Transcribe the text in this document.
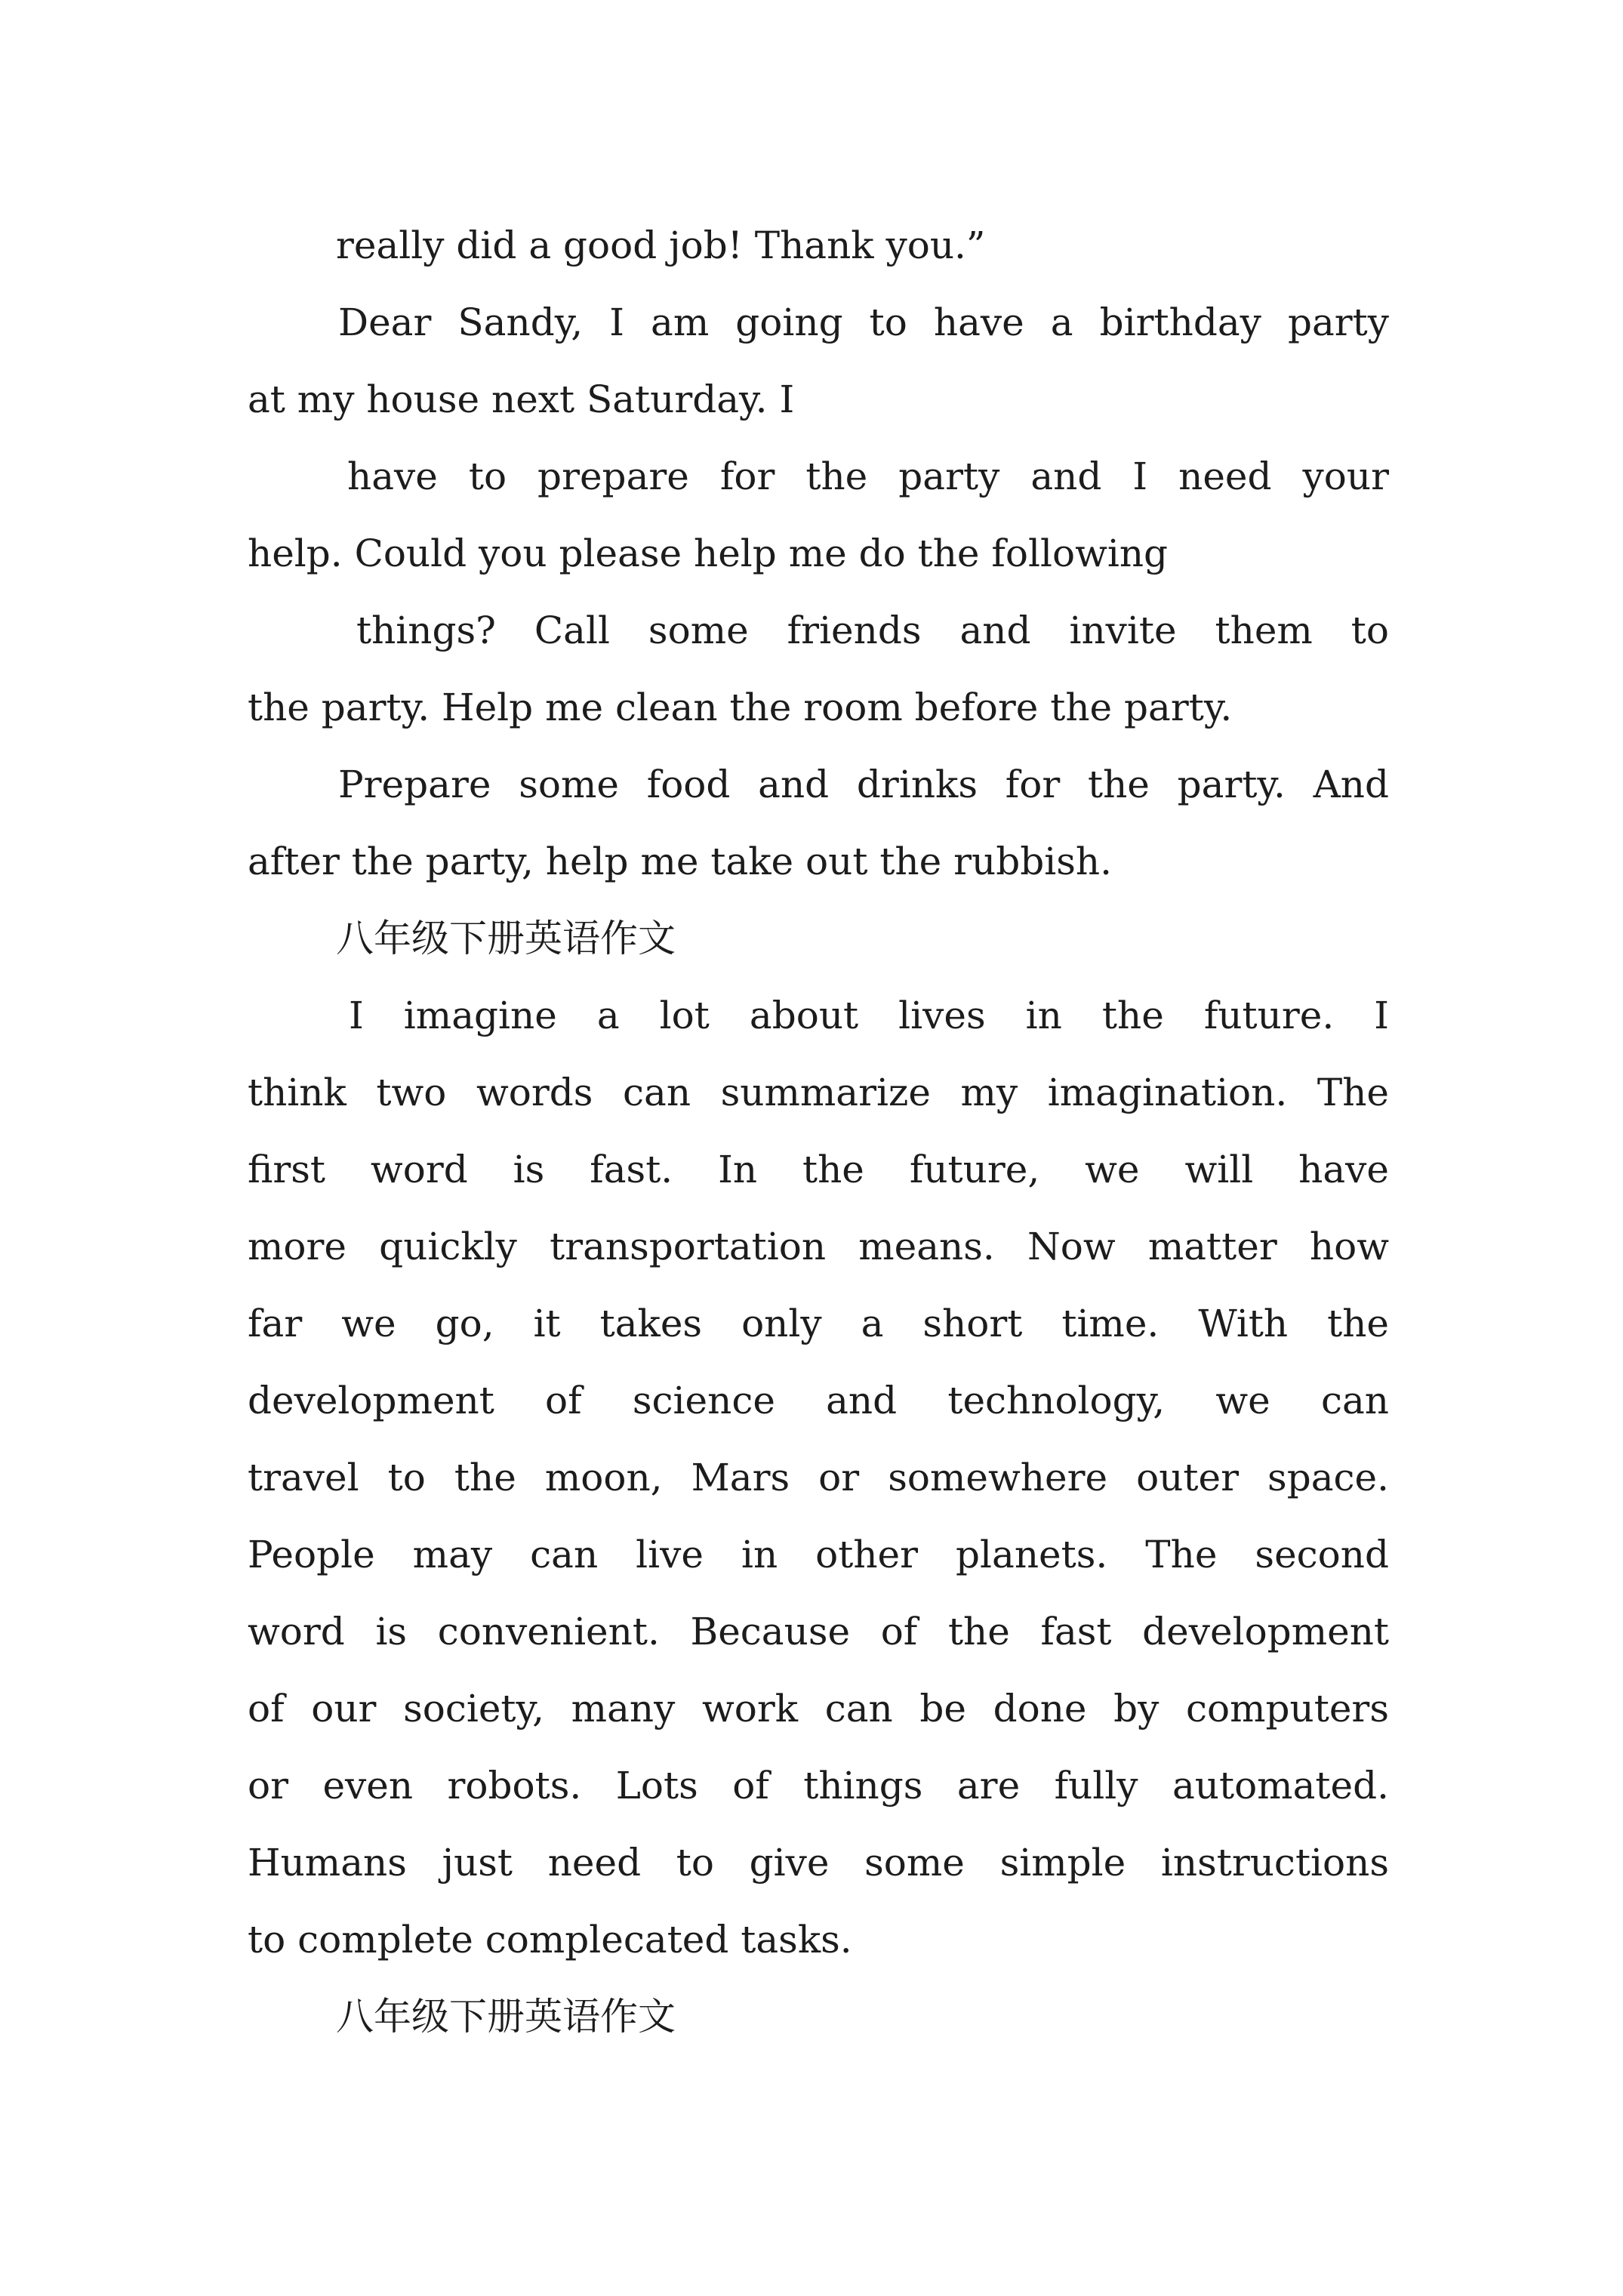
really did a good job! Thank you.”

Dear Sandy, I am going to have a birthday party

at my house next Saturday. I

have to prepare for the party and I need your

help. Could you please help me do the following

things? Call some friends and invite them to

the party. Help me clean the room before the party.

Prepare some food and drinks for the party. And

after the party, help me take out the rubbish.

八年级下册英语作文

I imagine a lot about lives in the future. I

think two words can summarize my imagination. The

first word is fast. In the future, we will have

more quickly transportation means. Now matter how

far we go, it takes only a short time. With the

development of science and technology, we can

travel to the moon, Mars or somewhere outer space.

People may can live in other planets. The second

word is convenient. Because of the fast development

of our society, many work can be done by computers

or even robots. Lots of things are fully automated.

Humans just need to give some simple instructions

to complete complecated tasks.

八年级下册英语作文
